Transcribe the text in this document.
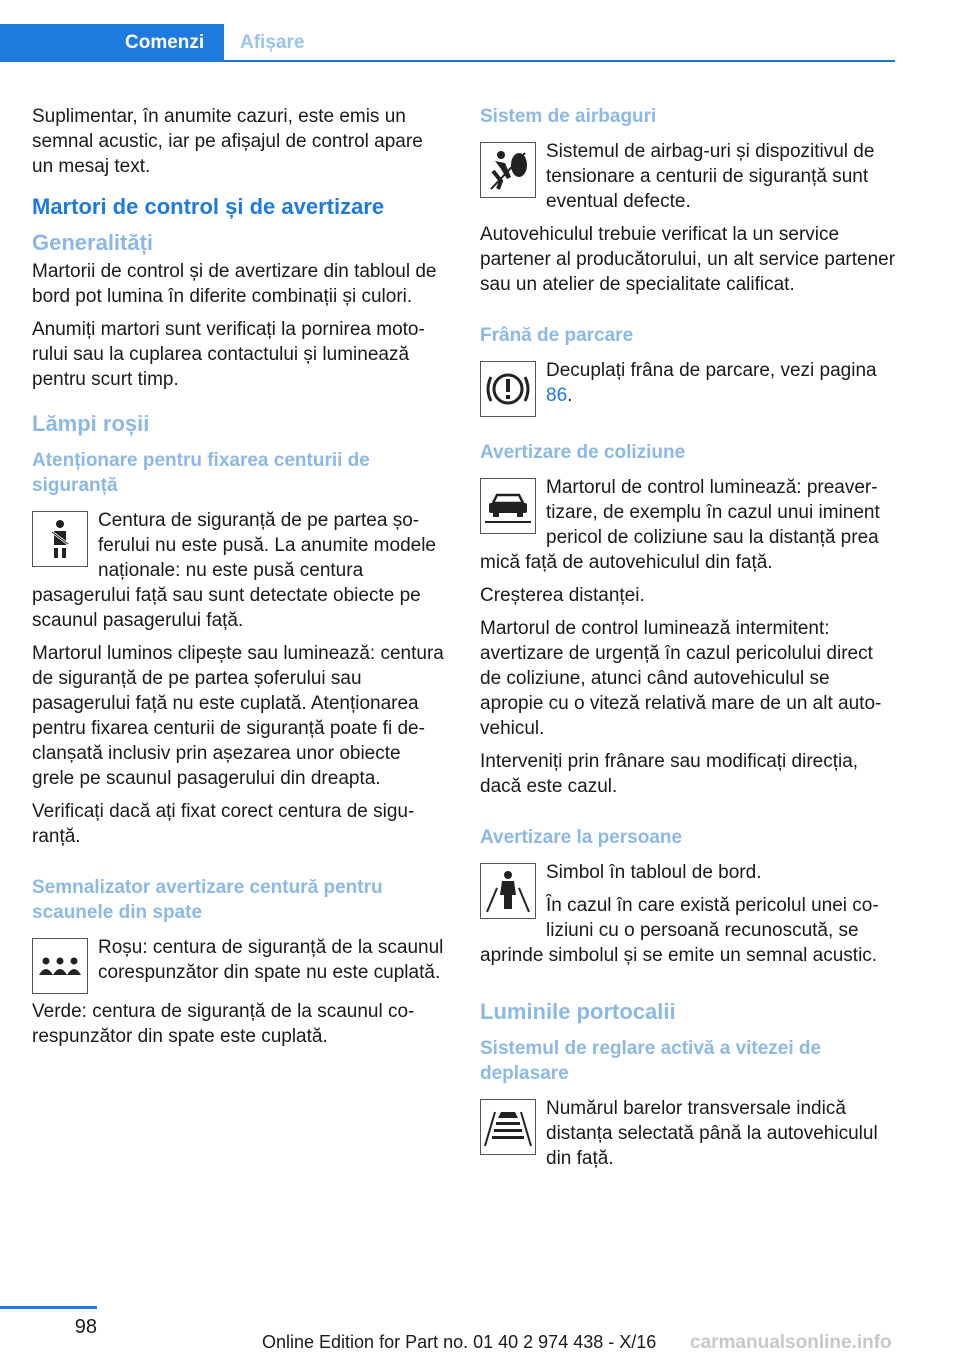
Comenzi	Afișare

Suplimentar, în anumite cazuri, este emis un semnal acustic, iar pe afișajul de control apare un mesaj text.

Martori de control și de avertizare
Generalități

Martorii de control și de avertizare din tabloul de bord pot lumina în diferite combinații și culori.

Anumiți martori sunt verificați la pornirea motorului sau la cuplarea contactului și luminează pentru scurt timp.

Lămpi roșii
Atenționare pentru fixarea centurii de siguranță

Centura de siguranță de pe partea șoferului nu este pusă. La anumite modele naționale: nu este pusă centura

pasagerului față sau sunt detectate obiecte pe scaunul pasagerului față.

Martorul luminos clipește sau luminează: centura de siguranță de pe partea șoferului sau pasagerului față nu este cuplată. Atenționarea pentru fixarea centurii de siguranță poate fi declanșată inclusiv prin așezarea unor obiecte grele pe scaunul pasagerului din dreapta.

Verificați dacă ați fixat corect centura de siguranță.

Semnalizator avertizare centură pentru scaunele din spate

Roșu: centura de siguranță de la scaunul corespunzător din spate nu este cuplată.

Verde: centura de siguranță de la scaunul corespunzător din spate este cuplată.

Sistem de airbaguri

Sistemul de airbag-uri și dispozitivul de tensionare a centurii de siguranță sunt eventual defecte.

Autovehiculul trebuie verificat la un service partener al producătorului, un alt service partener sau un atelier de specialitate calificat.

Frână de parcare

Decuplați frâna de parcare, vezi pagina 86.

Avertizare de coliziune

Martorul de control luminează: preavertizare, de exemplu în cazul unui iminent pericol de coliziune sau la distanță prea

mică față de autovehiculul din față.

Creșterea distanței.

Martorul de control luminează intermitent: avertizare de urgență în cazul pericolului direct de coliziune, atunci când autovehiculul se apropie cu o viteză relativă mare de un alt autovehicul.

Interveniți prin frânare sau modificați direcția, dacă este cazul.

Avertizare la persoane

Simbol în tabloul de bord.

În cazul în care există pericolul unei coliziuni cu o persoană recunoscută, se

aprinde simbolul și se emite un semnal acustic.

Luminile portocalii
Sistemul de reglare activă a vitezei de deplasare

Numărul barelor transversale indică distanța selectată până la autovehiculul din față.

98
Online Edition for Part no. 01 40 2 974 438 - X/16 carmanualsonline.info
